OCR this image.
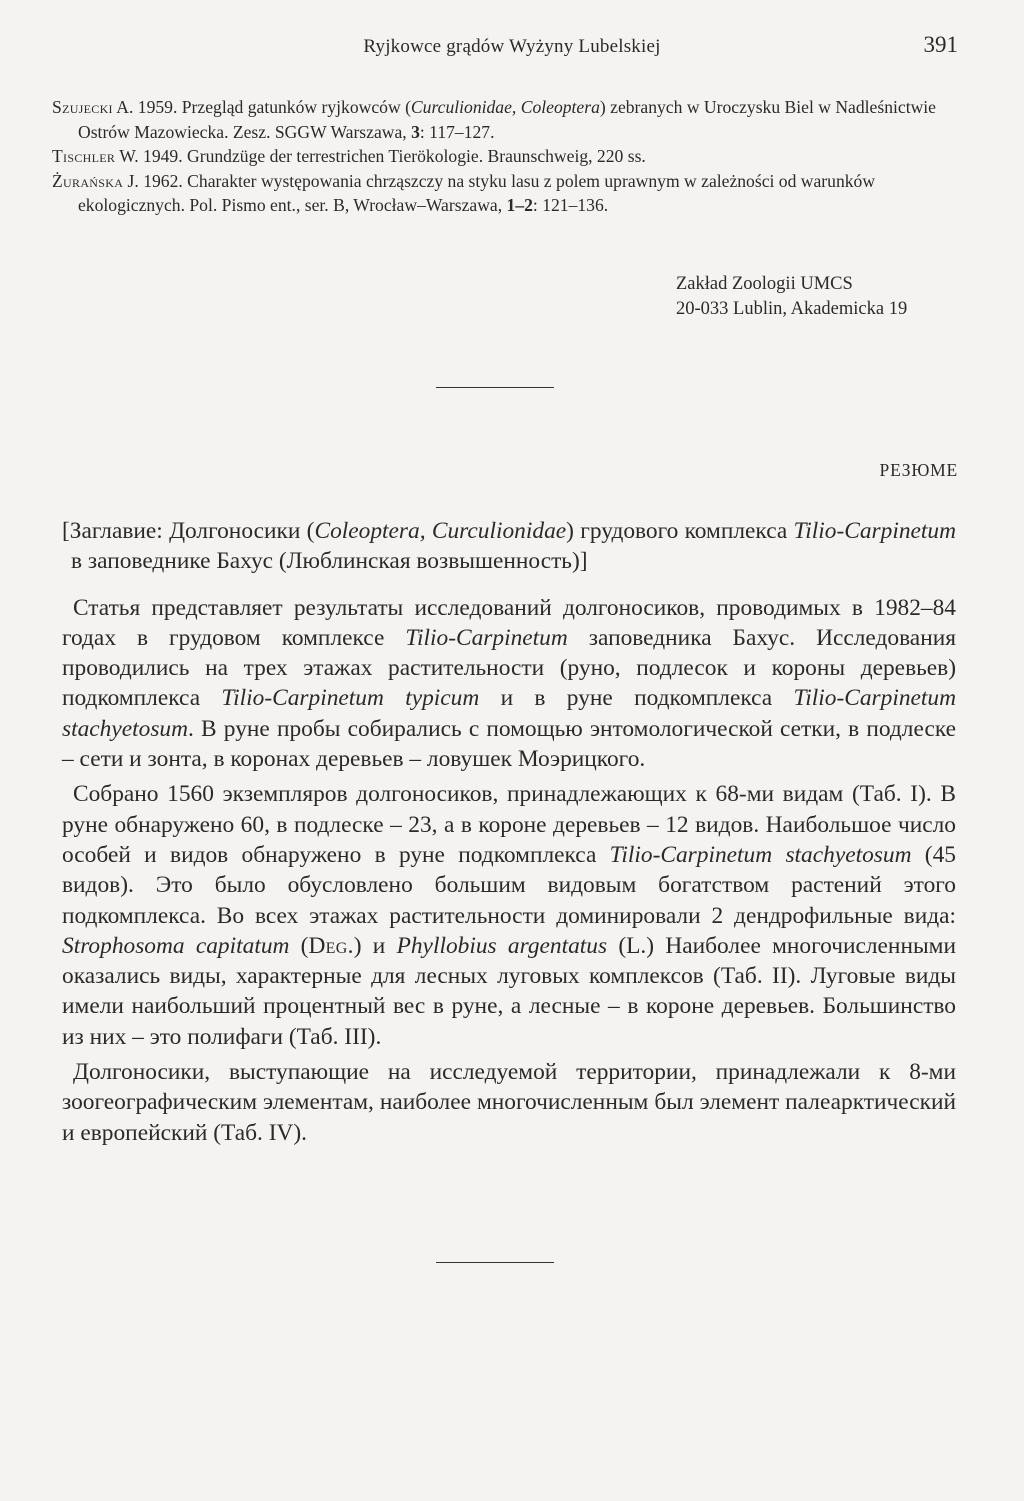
Ryjkowce grądów Wyżyny Lubelskiej	391

Szujecki A. 1959. Przegląd gatunków ryjkowców (Curculionidae, Coleoptera) zebranych w Uroczysku Biel w Nadleśnictwie Ostrów Mazowiecka. Zesz. SGGW Warszawa, 3: 117–127.

Tischler W. 1949. Grundzüge der terrestrichen Tierökologie. Braunschweig, 220 ss.

Żurańska J. 1962. Charakter występowania chrząszczy na styku lasu z polem uprawnym w zależności od warunków ekologicznych. Pol. Pismo ent., ser. B, Wrocław–Warszawa, 1–2: 121–136.

Zakład Zoologii UMCS
20-033 Lublin, Akademicka 19
РЕЗЮМЕ

[Заглавие: Долгоносики (Coleoptera, Curculionidae) грудового комплекса Tilio-Carpinetum в заповеднике Бахус (Люблинская возвышенность)]

Статья представляет результаты исследований долгоносиков, проводимых в 1982–84 годах в грудовом комплексе Tilio-Carpinetum заповедника Бахус. Исследования проводились на трех этажах растительности (руно, подлесок и короны деревьев) подкомплекса Tilio-Carpinetum typicum и в руне подкомплекса Tilio-Carpinetum stachyetosum. В руне пробы собирались с помощью энтомологической сетки, в подлеске – сети и зонта, в коронах деревьев – ловушек Моэрицкого.

Собрано 1560 экземпляров долгоносиков, принадлежающих к 68-ми видам (Таб. I). В руне обнаружено 60, в подлеске – 23, а в короне деревьев – 12 видов. Наибольшое число особей и видов обнаружено в руне подкомплекса Tilio-Carpinetum stachyetosum (45 видов). Это было обусловлено большим видовым богатством растений этого подкомплекса. Во всех этажах растительности доминировали 2 дендрофильные вида: Strophosoma capitatum (Deg.) и Phyllobius argentatus (L.) Наиболее многочисленными оказались виды, характерные для лесных луговых комплексов (Таб. II). Луговые виды имели наибольший процентный вес в руне, а лесные – в короне деревьев. Большинство из них – это полифаги (Таб. III).

Долгоносики, выступающие на исследуемой территории, принадлежали к 8-ми зоогеографическим элементам, наиболее многочисленным был элемент палеарктический и европейский (Таб. IV).
